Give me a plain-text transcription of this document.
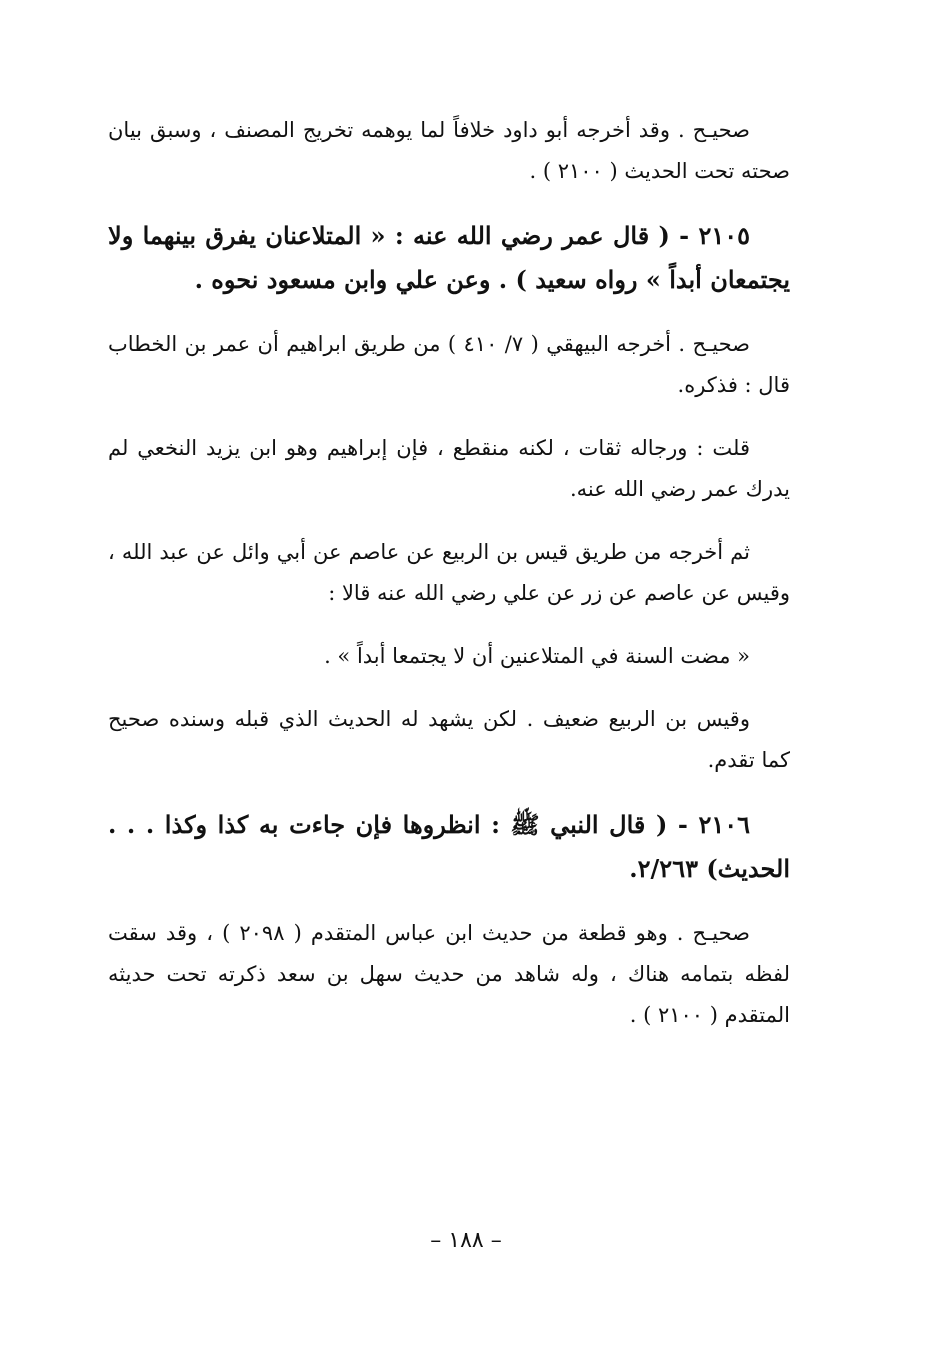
صحيـح . وقد أخرجه أبو داود خلافاً لما يوهمه تخريج المصنف ، وسبق بيان صحته تحت الحديث ( ٢١٠٠ ) .

٢١٠٥ - ( قال عمر رضي الله عنه : « المتلاعنان يفرق بينهما ولا يجتمعان أبداً » رواه سعيد ) . وعن علي وابن مسعود نحوه .

صحيـح . أخرجه البيهقي ( ٧/ ٤١٠ ) من طريق ابراهيم أن عمر بن الخطاب قال : فذكره.

قلت : ورجاله ثقات ، لكنه منقطع ، فإن إبراهيم وهو ابن يزيد النخعي لم يدرك عمر رضي الله عنه.

ثم أخرجه من طريق قيس بن الربيع عن عاصم عن أبي وائل عن عبد الله ، وقيس عن عاصم عن زر عن علي رضي الله عنه قالا :

« مضت السنة في المتلاعنين أن لا يجتمعا أبداً » .

وقيس بن الربيع ضعيف . لكن يشهد له الحديث الذي قبله وسنده صحيح كما تقدم.

٢١٠٦ - ( قال النبي ﷺ : انظروها فإن جاءت به كذا وكذا . . . الحديث) ٢/٢٦٣.

صحيـح . وهو قطعة من حديث ابن عباس المتقدم ( ٢٠٩٨ ) ، وقد سقت لفظه بتمامه هناك ، وله شاهد من حديث سهل بن سعد ذكرته تحت حديثه المتقدم ( ٢١٠٠ ) .

– ١٨٨ –
